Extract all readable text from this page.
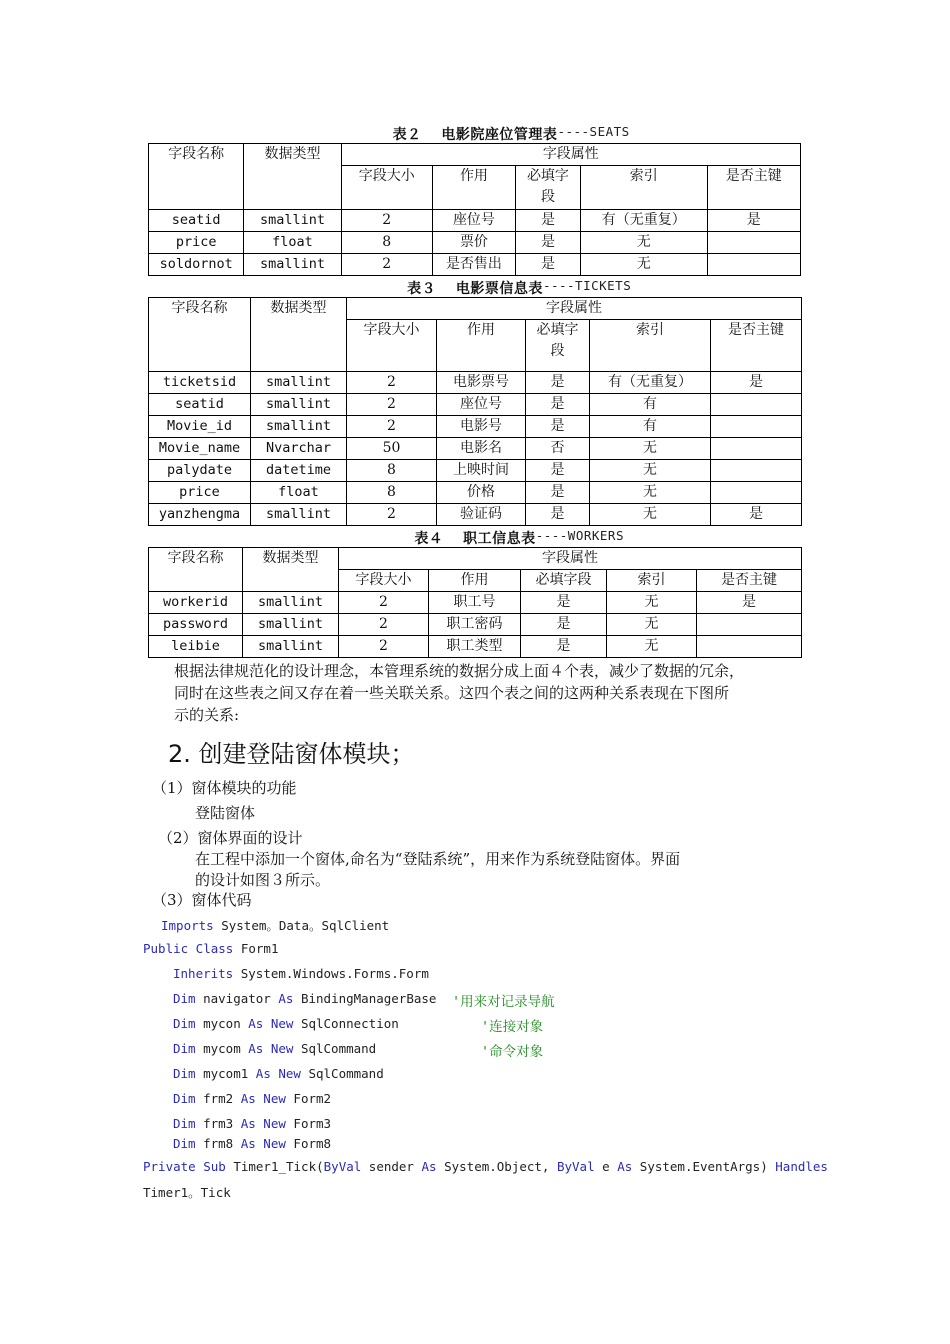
表２　 电影院座位管理表 ----SEATS
字段名称	数据类型	字段属性				
		字段大小	作用	必填字段	索引	是否主键
seatid	smallint	2	座位号	是	有（无重复）	是
price	float	8	票价	是	无	
soldornot	smallint	2	是否售出	是	无	
表３　 电影票信息表 ----TICKETS
字段名称	数据类型	字段属性				
		字段大小	作用	必填字段	索引	是否主键
ticketsid	smallint	2	电影票号	是	有（无重复）	是
seatid	smallint	2	座位号	是	有	
Movie_id	smallint	2	电影号	是	有	
Movie_name	Nvarchar	50	电影名	否	无	
palydate	datetime	8	上映时间	是	无	
price	float	8	价格	是	无	
yanzhengma	smallint	2	验证码	是	无	是
表４　 职工信息表 ----WORKERS
字段名称	数据类型	字段属性				
		字段大小	作用	必填字段	索引	是否主键
workerid	smallint	2	职工号	是	无	是
password	smallint	2	职工密码	是	无	
leibie	smallint	2	职工类型	是	无	
根据法律规范化的设计理念，本管理系统的数据分成上面４个表，减少了数据的冗余，
同时在这些表之间又存在着一些关联关系。这四个表之间的这两种关系表现在下图所
示的关系:
2. 创建登陆窗体模块；
（1）窗体模块的功能
登陆窗体
（2）窗体界面的设计
在工程中添加一个窗体,命名为“登陆系统”，用来作为系统登陆窗体。界面
的设计如图３所示。
（3）窗体代码
Imports System。Data。SqlClient
Public Class Form1
Inherits System.Windows.Forms.Form
Dim navigator As BindingManagerBase '用来对记录导航
Dim mycon As New SqlConnection	'连接对象
Dim mycom As New SqlCommand	'命令对象
Dim mycom1 As New SqlCommand
Dim frm2 As New Form2
Dim frm3 As New Form3
Dim frm8 As New Form8
Private Sub Timer1_Tick(ByVal sender As System.Object, ByVal e As System.EventArgs) Handles
Timer1。Tick
